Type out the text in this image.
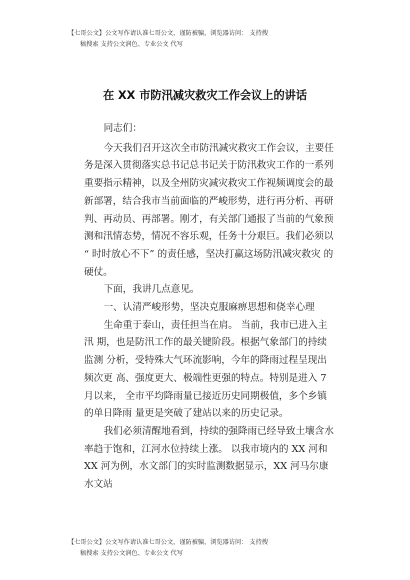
【七哥公文】公文写作请认准七哥公文，谨防被骗，浏览器访问： 支持搜
稿搜索 支持公文润色、专业公文 代写
在 XX 市防汛减灾救灾工作会议上的讲话

同志们：

今天我们召开这次全市防汛减灾救灾工作会议，主要任务是深入贯彻落实总书记总书记关于防汛救灾工作的一系列重要指示精神，以及全州防灾减灾救灾工作视频调度会的最新部署，结合我市当前面临的严峻形势，进行再分析、再研判、再动员、再部署。刚才，有关部门通报了当前的气象预测和汛情态势，情况不容乐观，任务十分艰巨。我们必须以 “ 时时放心不下” 的责任感，坚决打赢这场防汛减灾救灾 的硬仗。

下面，我讲几点意见。

一、认清严峻形势，坚决克服麻痹思想和侥幸心理

生命重于泰山，责任担当在肩。 当前，我市已进入主汛 期，也是防汛工作的最关键阶段。根据气象部门的持续监测 分析，受特殊大气环流影响，今年的降雨过程呈现出频次更 高、强度更大、极端性更强的特点。特别是进入 7 月以来， 全市平均降雨量已接近历史同期极值，多个乡镇的单日降雨 量更是突破了建站以来的历史记录。

我们必须清醒地看到，持续的强降雨已经导致土壤含水率趋于饱和，江河水位持续上涨。 以我市境内的 XX 河和 XX 河为例，水文部门的实时监测数据显示，XX 河马尔康水文站

【七哥公文】公文写作请认准七哥公文，谨防被骗，浏览器访问： 支持搜
稿搜索 支持公文润色、专业公文 代写
